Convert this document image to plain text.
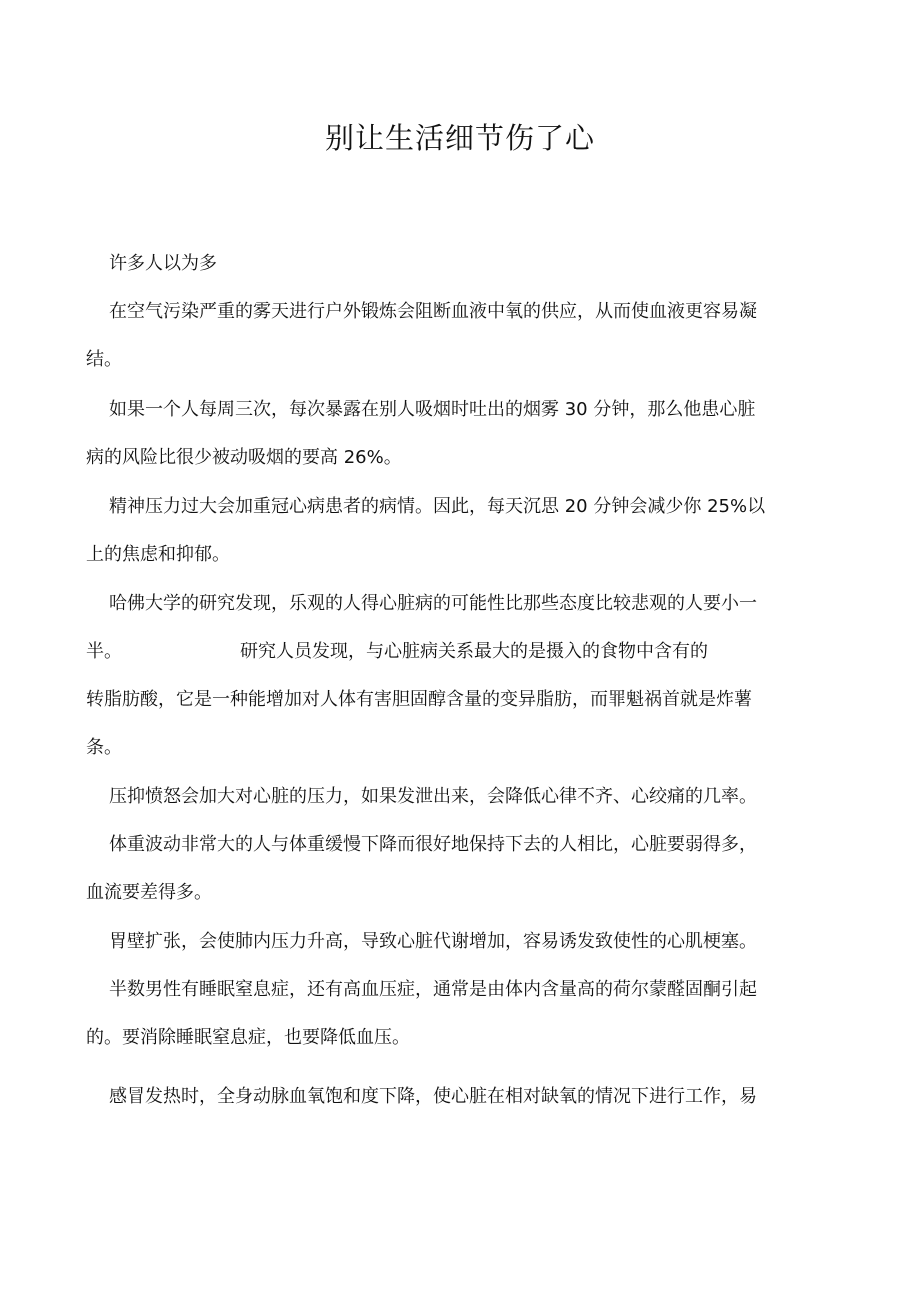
别让生活细节伤了心
许多人以为多
在空气污染严重的雾天进行户外锻炼会阻断血液中氧的供应，从而使血液更容易凝
结。
如果一个人每周三次，每次暴露在别人吸烟时吐出的烟雾 30 分钟，那么他患心脏
病的风险比很少被动吸烟的要高 26%。
精神压力过大会加重冠心病患者的病情。因此，每天沉思 20 分钟会减少你 25%以
上的焦虑和抑郁。
哈佛大学的研究发现，乐观的人得心脏病的可能性比那些态度比较悲观的人要小一
半。	研究人员发现，与心脏病关系最大的是摄入的食物中含有的
转脂肪酸，它是一种能增加对人体有害胆固醇含量的变异脂肪，而罪魁祸首就是炸薯
条。
压抑愤怒会加大对心脏的压力，如果发泄出来，会降低心律不齐、心绞痛的几率。
体重波动非常大的人与体重缓慢下降而很好地保持下去的人相比，心脏要弱得多，
血流要差得多。
胃壁扩张，会使肺内压力升高，导致心脏代谢增加，容易诱发致使性的心肌梗塞。
半数男性有睡眠窒息症，还有高血压症，通常是由体内含量高的荷尔蒙醛固酮引起
的。要消除睡眠窒息症，也要降低血压。
感冒发热时，全身动脉血氧饱和度下降，使心脏在相对缺氧的情况下进行工作，易
